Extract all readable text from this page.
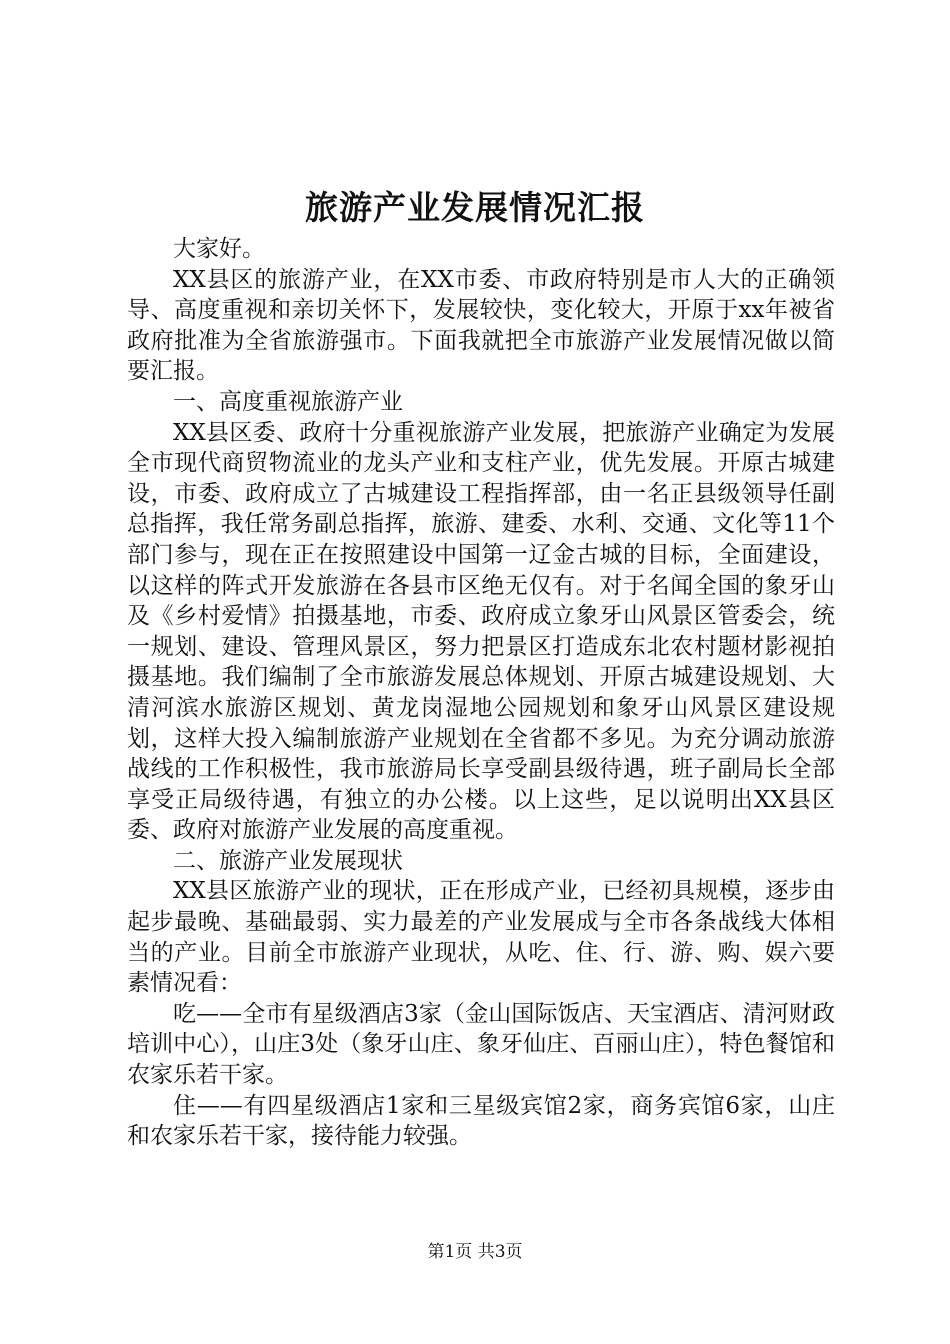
旅游产业发展情况汇报

大家好。

XX县区的旅游产业，在XX市委、市政府特别是市人大的正确领导、高度重视和亲切关怀下，发展较快，变化较大，开原于xx年被省政府批准为全省旅游强市。下面我就把全市旅游产业发展情况做以简要汇报。

一、高度重视旅游产业

XX县区委、政府十分重视旅游产业发展，把旅游产业确定为发展全市现代商贸物流业的龙头产业和支柱产业，优先发展。开原古城建设，市委、政府成立了古城建设工程指挥部，由一名正县级领导任副总指挥，我任常务副总指挥，旅游、建委、水利、交通、文化等11个部门参与，现在正在按照建设中国第一辽金古城的目标，全面建设，以这样的阵式开发旅游在各县市区绝无仅有。对于名闻全国的象牙山及《乡村爱情》拍摄基地，市委、政府成立象牙山风景区管委会，统一规划、建设、管理风景区，努力把景区打造成东北农村题材影视拍摄基地。我们编制了全市旅游发展总体规划、开原古城建设规划、大清河滨水旅游区规划、黄龙岗湿地公园规划和象牙山风景区建设规划，这样大投入编制旅游产业规划在全省都不多见。为充分调动旅游战线的工作积极性，我市旅游局长享受副县级待遇，班子副局长全部享受正局级待遇，有独立的办公楼。以上这些，足以说明出XX县区委、政府对旅游产业发展的高度重视。

二、旅游产业发展现状

XX县区旅游产业的现状，正在形成产业，已经初具规模，逐步由起步最晚、基础最弱、实力最差的产业发展成与全市各条战线大体相当的产业。目前全市旅游产业现状，从吃、住、行、游、购、娱六要素情况看：

吃——全市有星级酒店3家（金山国际饭店、天宝酒店、清河财政培训中心），山庄3处（象牙山庄、象牙仙庄、百丽山庄），特色餐馆和农家乐若干家。

住——有四星级酒店1家和三星级宾馆2家，商务宾馆6家，山庄和农家乐若干家，接待能力较强。

第1页 共3页
